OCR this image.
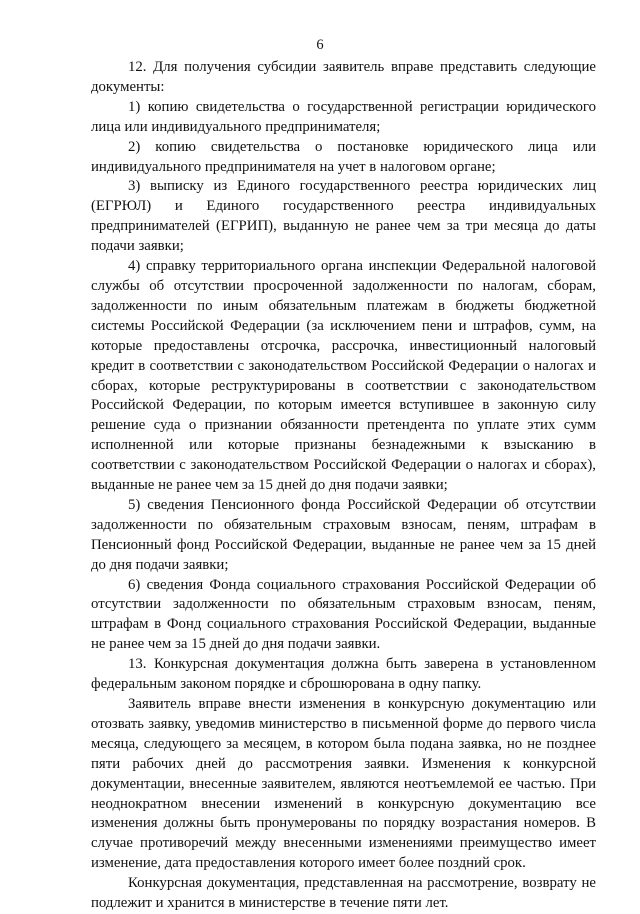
6

12. Для получения субсидии заявитель вправе представить следующие документы:

1) копию свидетельства о государственной регистрации юридического лица или индивидуального предпринимателя;

2) копию свидетельства о постановке юридического лица или индивидуального предпринимателя на учет в налоговом органе;

3) выписку из Единого государственного реестра юридических лиц (ЕГРЮЛ) и Единого государственного реестра индивидуальных предпринимателей (ЕГРИП), выданную не ранее чем за три месяца до даты подачи заявки;

4) справку территориального органа инспекции Федеральной налоговой службы об отсутствии просроченной задолженности по налогам, сборам, задолженности по иным обязательным платежам в бюджеты бюджетной системы Российской Федерации (за исключением пени и штрафов, сумм, на которые предоставлены отсрочка, рассрочка, инвестиционный налоговый кредит в соответствии с законодательством Российской Федерации о налогах и сборах, которые реструктурированы в соответствии с законодательством Российской Федерации, по которым имеется вступившее в законную силу решение суда о признании обязанности претендента по уплате этих сумм исполненной или которые признаны безнадежными к взысканию в соответствии с законодательством Российской Федерации о налогах и сборах), выданные не ранее чем за 15 дней до дня подачи заявки;

5) сведения Пенсионного фонда Российской Федерации об отсутствии задолженности по обязательным страховым взносам, пеням, штрафам в Пенсионный фонд Российской Федерации, выданные не ранее чем за 15 дней до дня подачи заявки;

6) сведения Фонда социального страхования Российской Федерации об отсутствии задолженности по обязательным страховым взносам, пеням, штрафам в Фонд социального страхования Российской Федерации, выданные не ранее чем за 15 дней до дня подачи заявки.

13. Конкурсная документация должна быть заверена в установленном федеральным законом порядке и сброшюрована в одну папку.

Заявитель вправе внести изменения в конкурсную документацию или отозвать заявку, уведомив министерство в письменной форме до первого числа месяца, следующего за месяцем, в котором была подана заявка, но не позднее пяти рабочих дней до рассмотрения заявки. Изменения к конкурсной документации, внесенные заявителем, являются неотъемлемой ее частью. При неоднократном внесении изменений в конкурсную документацию все изменения должны быть пронумерованы по порядку возрастания номеров. В случае противоречий между внесенными изменениями преимущество имеет изменение, дата предоставления которого имеет более поздний срок.

Конкурсная документация, представленная на рассмотрение, возврату не подлежит и хранится в министерстве в течение пяти лет.
